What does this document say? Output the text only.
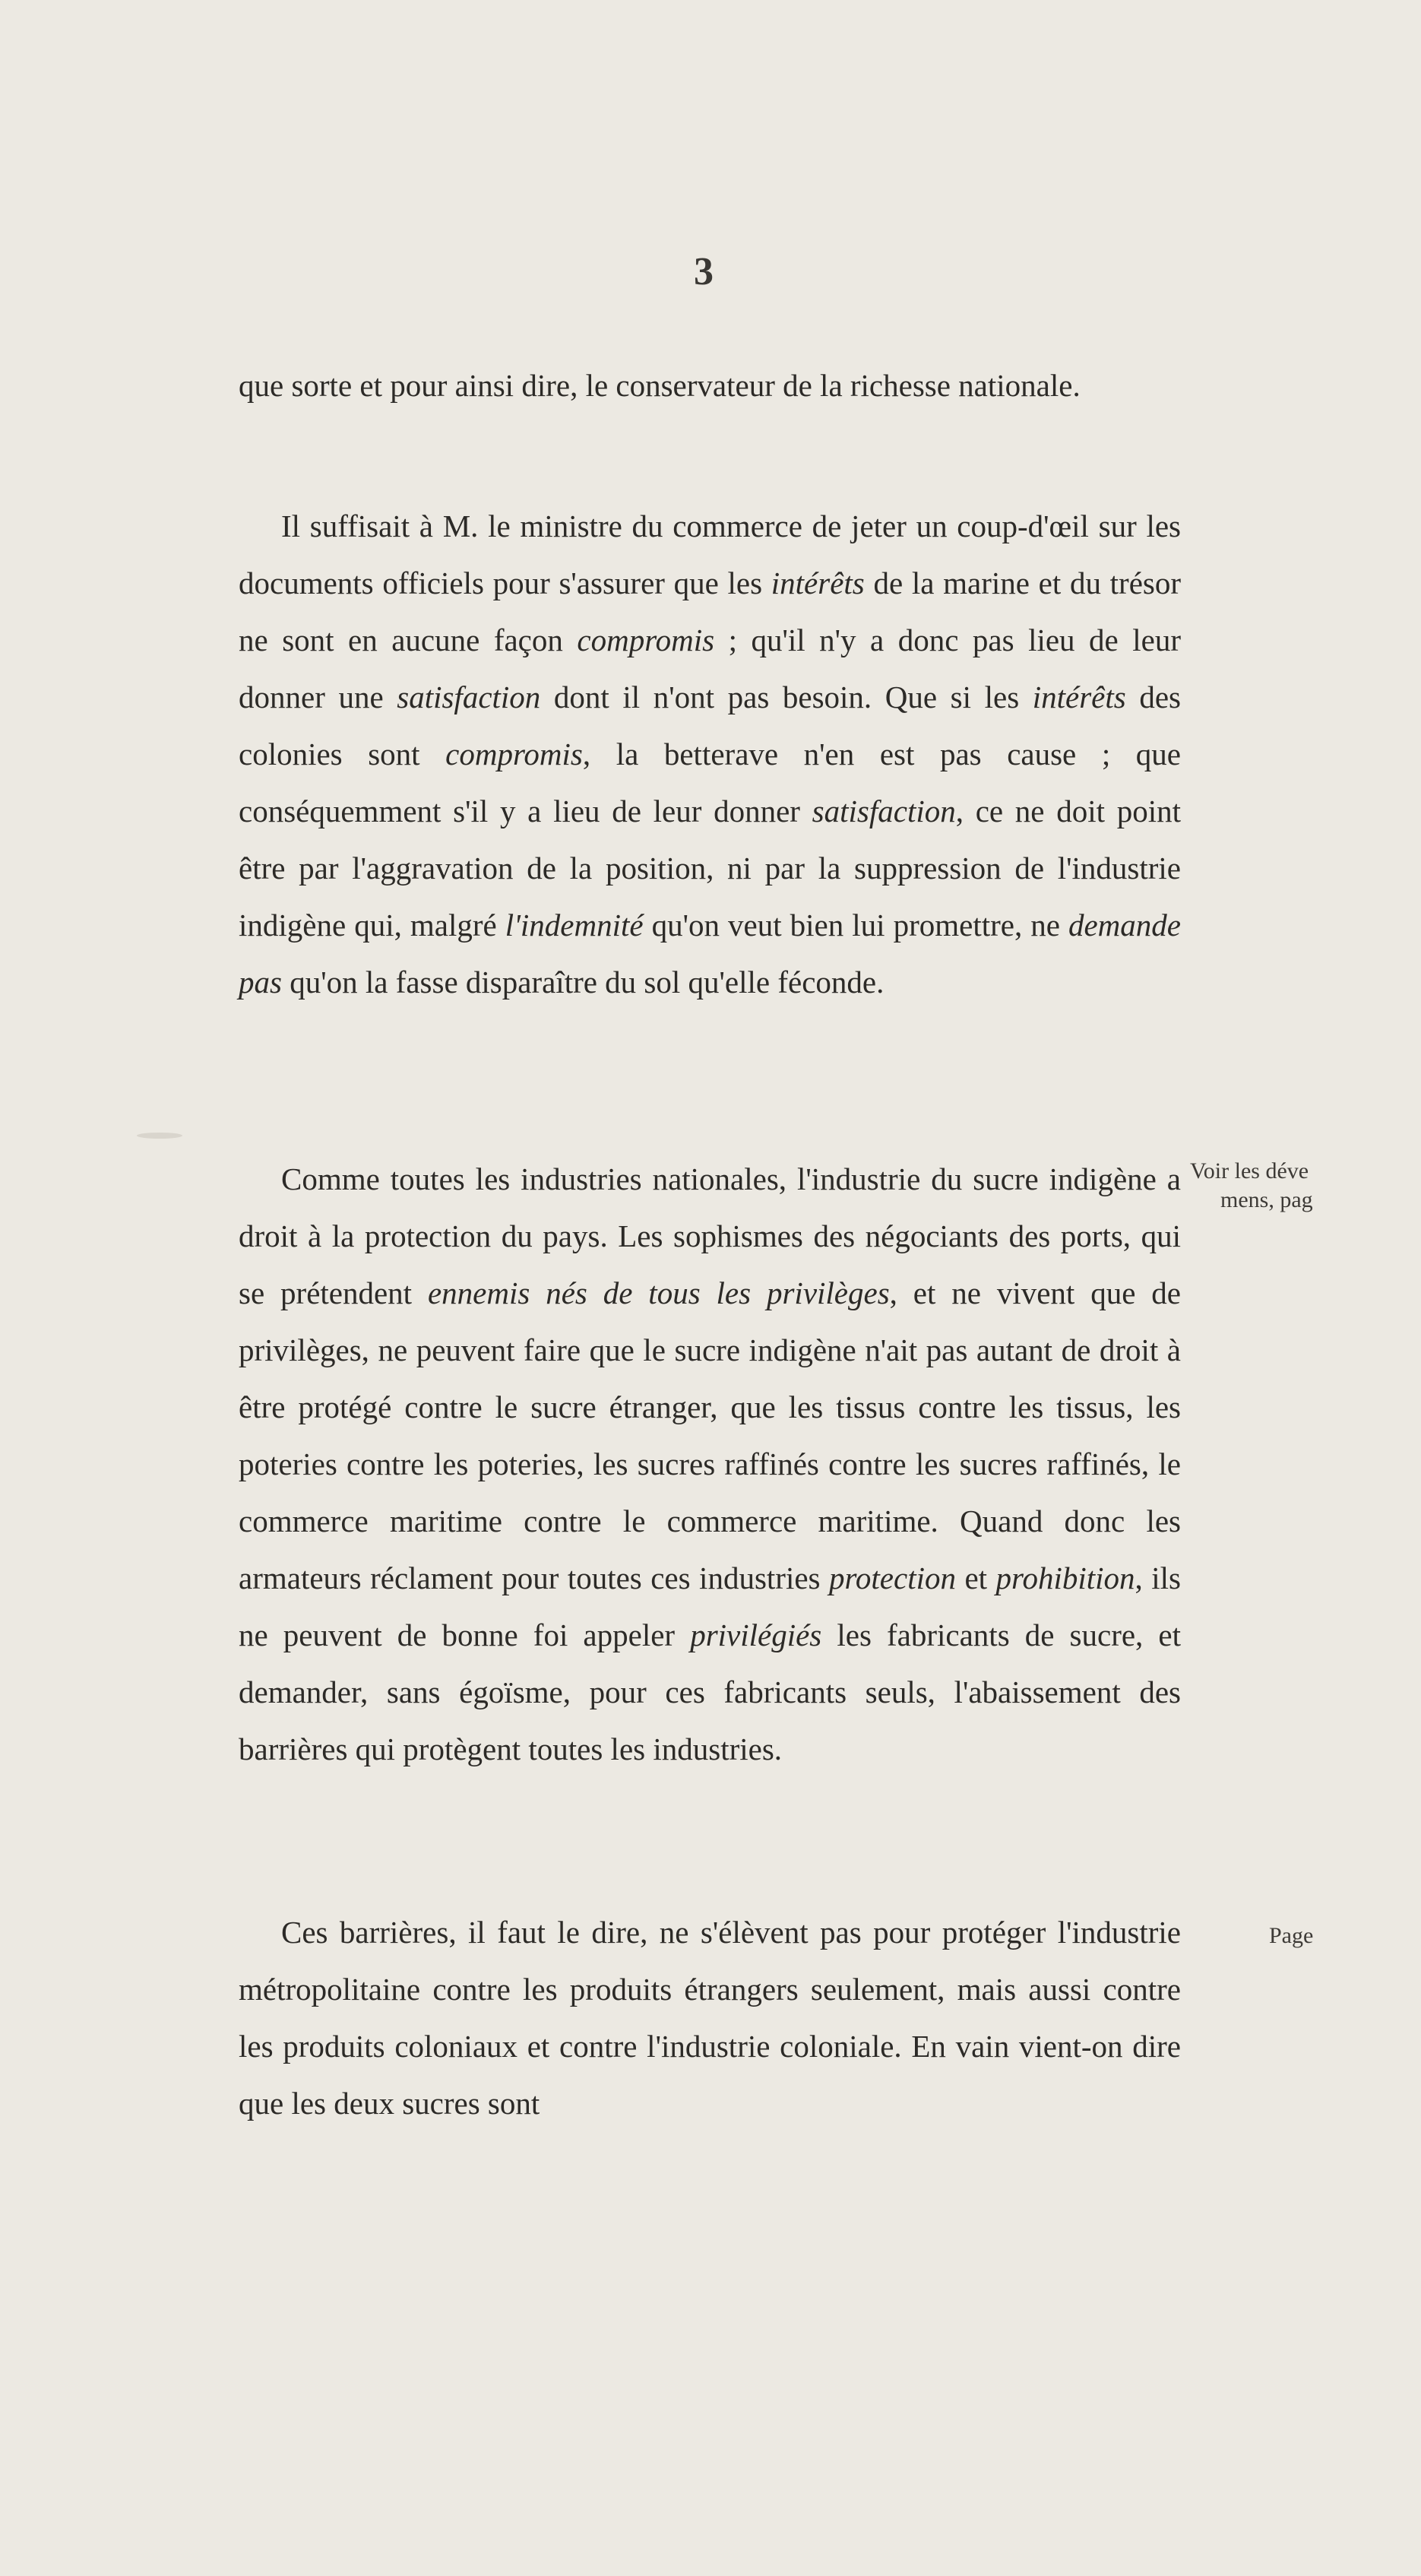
3

que sorte et pour ainsi dire, le conservateur de la richesse nationale.

Il suffisait à M. le ministre du commerce de jeter un coup-d'œil sur les documents officiels pour s'assurer que les intérêts de la marine et du trésor ne sont en aucune façon compromis ; qu'il n'y a donc pas lieu de leur donner une satisfaction dont il n'ont pas besoin. Que si les intérêts des colonies sont compromis, la betterave n'en est pas cause ; que conséquemment s'il y a lieu de leur donner satisfaction, ce ne doit point être par l'aggravation de la position, ni par la suppression de l'industrie indigène qui, malgré l'indemnité qu'on veut bien lui promettre, ne demande pas qu'on la fasse disparaître du sol qu'elle féconde.

Comme toutes les industries nationales, l'industrie du sucre indigène a droit à la protection du pays. Les sophismes des négociants des ports, qui se prétendent ennemis nés de tous les privilèges, et ne vivent que de privilèges, ne peuvent faire que le sucre indigène n'ait pas autant de droit à être protégé contre le sucre étranger, que les tissus contre les tissus, les poteries contre les poteries, les sucres raffinés contre les sucres raffinés, le commerce maritime contre le commerce maritime. Quand donc les armateurs réclament pour toutes ces industries protection et prohibition, ils ne peuvent de bonne foi appeler privilégiés les fabricants de sucre, et demander, sans égoïsme, pour ces fabricants seuls, l'abaissement des barrières qui protègent toutes les industries.

Ces barrières, il faut le dire, ne s'élèvent pas pour protéger l'industrie métropolitaine contre les produits étrangers seulement, mais aussi contre les produits coloniaux et contre l'industrie coloniale. En vain vient-on dire que les deux sucres sont

Voir les déve

mens, pag
Page
